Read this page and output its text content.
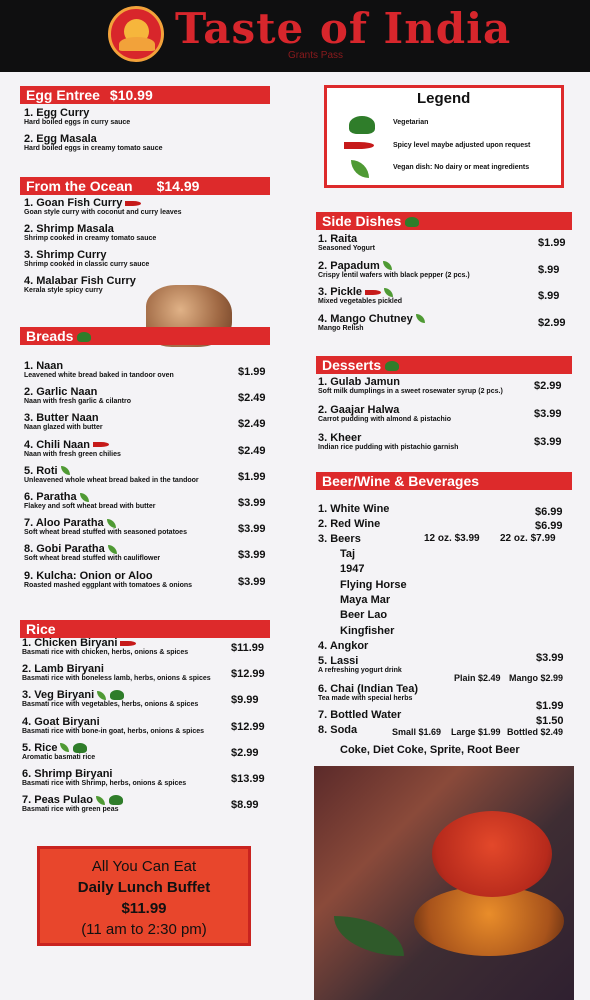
Taste of India
Grants Pass
Egg Entree $10.99
1. Egg Curry
Hard boiled eggs in curry sauce
2. Egg Masala
Hard boiled eggs in creamy tomato sauce
From the Ocean $14.99
1. Goan Fish Curry
Goan style curry with coconut and curry leaves
2. Shrimp Masala
Shrimp cooked in creamy tomato sauce
3. Shrimp Curry
Shrimp cooked in classic curry sauce
4. Malabar Fish Curry
Kerala style spicy curry
Breads
1. Naan
Leavened white bread baked in tandoor oven	$1.99
2. Garlic Naan
Naan with fresh garlic & cilantro	$2.49
3. Butter Naan
Naan glazed with butter	$2.49
4. Chili Naan
Naan with fresh green chilies	$2.49
5. Roti
Unleavened whole wheat bread baked in the tandoor	$1.99
6. Paratha
Flakey and soft wheat bread with butter	$3.99
7. Aloo Paratha
Soft wheat bread stuffed with seasoned potatoes	$3.99
8. Gobi Paratha
Soft wheat bread stuffed with cauliflower	$3.99
9. Kulcha: Onion or Aloo
Roasted mashed eggplant with tomatoes & onions	$3.99
Rice
1. Chicken Biryani
Basmati rice with chicken, herbs, onions & spices	$11.99
2. Lamb Biryani
Basmati rice with boneless lamb, herbs, onions & spices $12.99
3. Veg Biryani
Basmati rice with vegetables, herbs, onions & spices	$9.99
4. Goat Biryani
Basmati rice with bone-in goat, herbs, onions & spices $12.99
5. Rice
Aromatic basmati rice	$2.99
6. Shrimp Biryani
Basmati rice with Shrimp, herbs, onions & spices	$13.99
7. Peas Pulao
Basmati rice with green peas	$8.99
All You Can Eat
Daily Lunch Buffet
$11.99
(11 am to 2:30 pm)
Legend
Vegetarian
Spicy level maybe adjusted upon request
Vegan dish: No dairy or meat ingredients
Side Dishes
1. Raita
Seasoned Yogurt	$1.99
2. Papadum
Crispy lentil wafers with black pepper (2 pcs.)	$.99
3. Pickle
Mixed vegetables pickled	$.99
4. Mango Chutney
Mango Relish	$2.99
Desserts
1. Gulab Jamun
Soft milk dumplings in a sweet rosewater syrup (2 pcs.)	$2.99
2. Gaajar Halwa
Carrot pudding with almond & pistachio	$3.99
3. Kheer
Indian rice pudding with pistachio garnish	$3.99
Beer/Wine & Beverages
1. White Wine	$6.99
2. Red Wine	$6.99
3. Beers	12 oz. $3.99 22 oz. $7.99
Taj
1947
Flying Horse
Maya Mar
Beer Lao
Kingfisher
4. Angkor
5. Lassi
A refreshing yogurt drink
$3.99
Plain $2.49 Mango $2.99
6. Chai (Indian Tea)
Tea made with special herbs
$1.99
7. Bottled Water	$1.50
8. Soda	Small $1.69 Large $1.99 Bottled $2.49
Coke, Diet Coke, Sprite, Root Beer
